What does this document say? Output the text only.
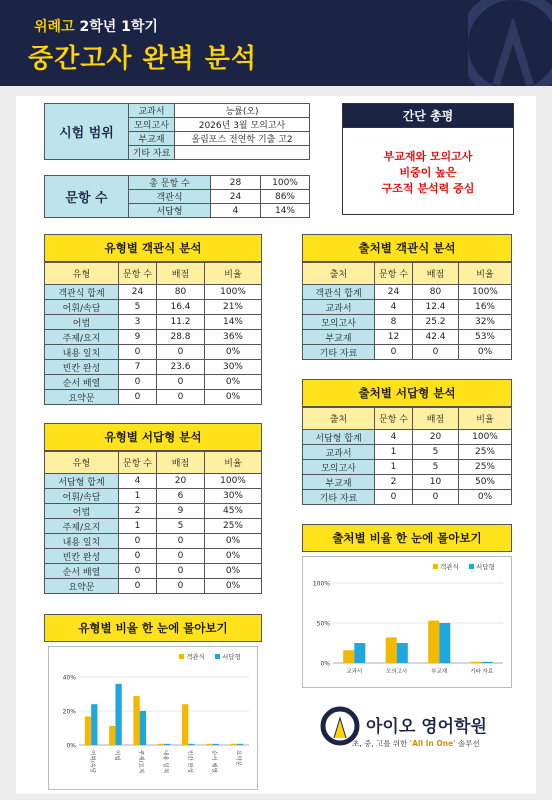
위례고 2학년 1학기
중간고사 완벽 분석
시험 범위	교과서	능률(오)
	모의고사	2026년 3월 모의고사
	부교재	올림포스 전연학 기출 고2
	기타 자료	
문항 수	총 문항 수	28	100%
	객관식	24	86%
	서답형	4	14%
간단 총평
부교재와 모의고사
비중이 높은
구조적 분석력 중심
유형별 객관식 분석
유형	문항 수	배점	비율
객관식 합계	24	80	100%
어휘/속담	5	16.4	21%
어법	3	11.2	14%
주제/요지	9	28.8	36%
내용 일치	0	0	0%
빈칸 완성	7	23.6	30%
순서 배열	0	0	0%
요약문	0	0	0%
유형별 서답형 분석
유형	문항 수	배점	비율
서답형 합계	4	20	100%
어휘/속담	1	6	30%
어법	2	9	45%
주제/요지	1	5	25%
내용 일치	0	0	0%
빈칸 완성	0	0	0%
순서 배열	0	0	0%
요약문	0	0	0%
출처별 객관식 분석
출처	문항 수	배점	비율
객관식 합계	24	80	100%
교과서	4	12.4	16%
모의고사	8	25.2	32%
부교재	12	42.4	53%
기타 자료	0	0	0%
출처별 서답형 분석
출처	문항 수	배점	비율
서답형 합계	4	20	100%
교과서	1	5	25%
모의고사	1	5	25%
부교재	2	10	50%
기타 자료	0	0	0%
출처별 비율 한 눈에 몰아보기
0%
50%
100%
교과서	모의고사	부교재	기타 자료
객관식	서답형
유형별 비율 한 눈에 몰아보기
0%
20%
40%
어휘/속담	어법	주제/요지	내용 일치	빈칸 완성	순서 배열	요약문
객관식	서답형
아이오 영어학원
초, 중, 고를 위한 'All In One' 솔루션
